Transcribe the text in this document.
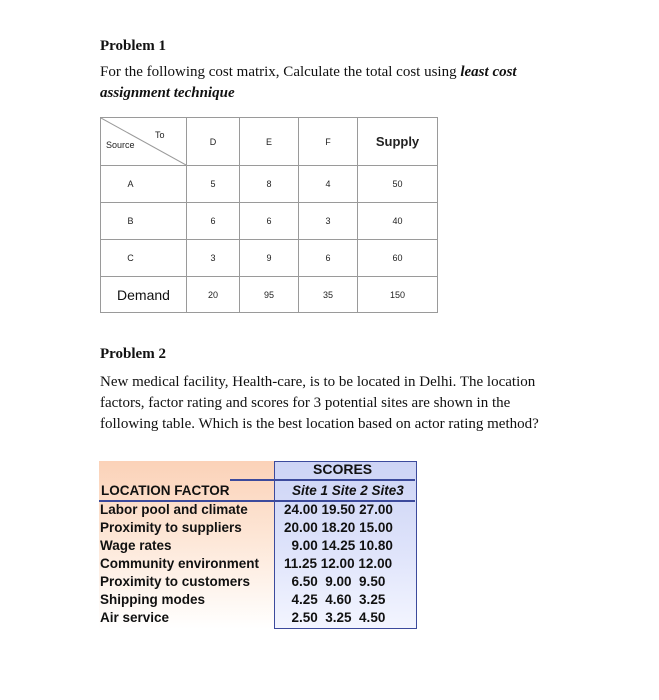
Problem 1
For the following cost matrix, Calculate the total cost using least cost
assignment technique
To
Source	D	E	F	Supply
A	5	8	4	50
B	6	6	3	40
C	3	9	6	60
Demand	20	95	35	150
Problem 2
New medical facility, Health-care, is to be located in Delhi. The location
factors, factor rating and scores for 3 potential sites are shown in the
following table. Which is the best location based on actor rating method?
SCORES
LOCATION FACTOR	Site 1 Site 2 Site3
Labor pool and climate	24.00 19.50 27.00
Proximity to suppliers	20.00 18.20 15.00
Wage rates	9.00 14.25 10.80
Community environment 11.25 12.00 12.00
Proximity to customers	6.50  9.00  9.50
Shipping modes	4.25  4.60  3.25
Air service	2.50  3.25  4.50
